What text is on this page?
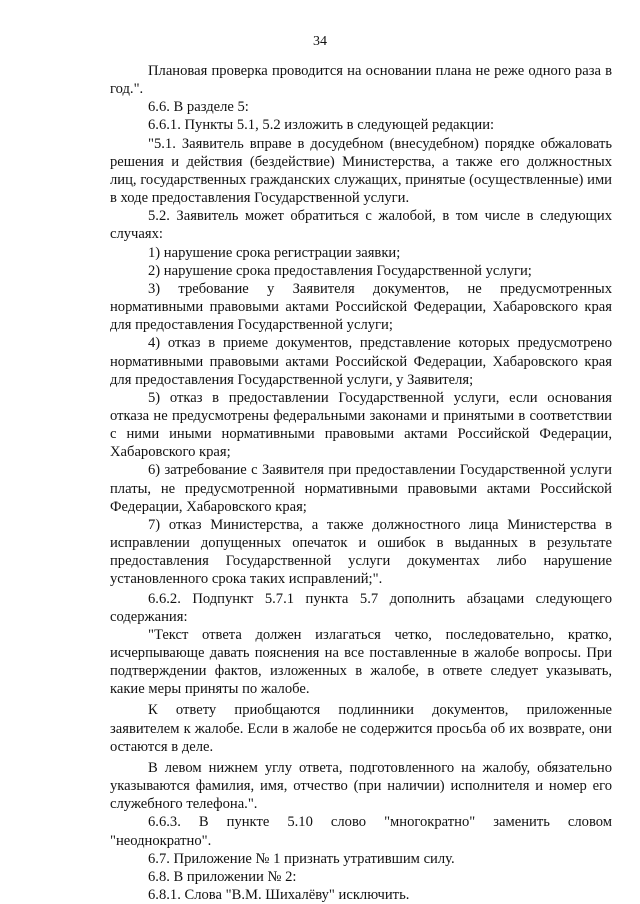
34

Плановая проверка проводится на основании плана не реже одного раза в год.".

6.6. В разделе 5:

6.6.1. Пункты 5.1, 5.2 изложить в следующей редакции:

"5.1. Заявитель вправе в досудебном (внесудебном) порядке обжаловать решения и действия (бездействие) Министерства, а также его должностных лиц, государственных гражданских служащих, принятые (осуществленные) ими в ходе предоставления Государственной услуги.

5.2. Заявитель может обратиться с жалобой, в том числе в следующих случаях:

1) нарушение срока регистрации заявки;

2) нарушение срока предоставления Государственной услуги;

3) требование у Заявителя документов, не предусмотренных нормативными правовыми актами Российской Федерации, Хабаровского края для предоставления Государственной услуги;

4) отказ в приеме документов, представление которых предусмотрено нормативными правовыми актами Российской Федерации, Хабаровского края для предоставления Государственной услуги, у Заявителя;

5) отказ в предоставлении Государственной услуги, если основания отказа не предусмотрены федеральными законами и принятыми в соответствии с ними иными нормативными правовыми актами Российской Федерации, Хабаровского края;

6) затребование с Заявителя при предоставлении Государственной услуги платы, не предусмотренной нормативными правовыми актами Российской Федерации, Хабаровского края;

7) отказ Министерства, а также должностного лица Министерства в исправлении допущенных опечаток и ошибок в выданных в результате предоставления Государственной услуги документах либо нарушение установленного срока таких исправлений;".

6.6.2. Подпункт 5.7.1 пункта 5.7 дополнить абзацами следующего содержания:

"Текст ответа должен излагаться четко, последовательно, кратко, исчерпывающе давать пояснения на все поставленные в жалобе вопросы. При подтверждении фактов, изложенных в жалобе, в ответе следует указывать, какие меры приняты по жалобе.

К ответу приобщаются подлинники документов, приложенные заявителем к жалобе. Если в жалобе не содержится просьба об их возврате, они остаются в деле.

В левом нижнем углу ответа, подготовленного на жалобу, обязательно указываются фамилия, имя, отчество (при наличии) исполнителя и номер его служебного телефона.".

6.6.3. В пункте 5.10 слово "многократно" заменить словом "неоднократно".

6.7. Приложение № 1 признать утратившим силу.

6.8. В приложении № 2:

6.8.1. Слова "В.М. Шихалёву" исключить.
